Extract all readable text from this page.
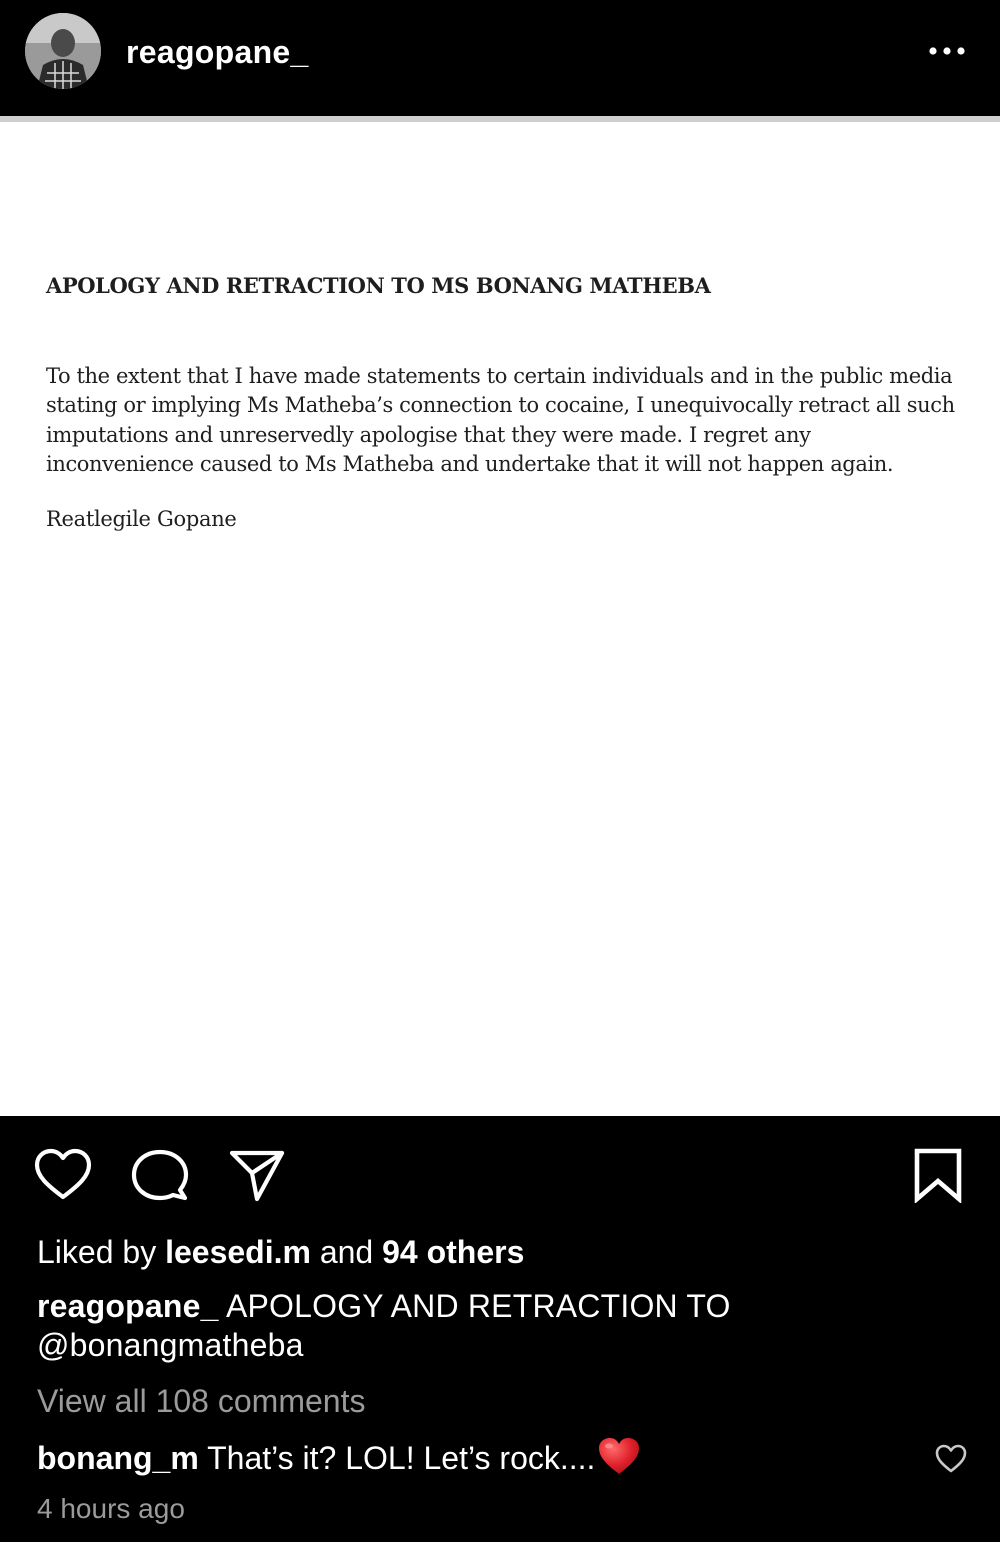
reagopane_
APOLOGY AND RETRACTION TO MS BONANG MATHEBA

To the extent that I have made statements to certain individuals and in the public media
stating or implying Ms Matheba’s connection to cocaine, I unequivocally retract all such
imputations and unreservedly apologise that they were made. I regret any
inconvenience caused to Ms Matheba and undertake that it will not happen again.

Reatlegile Gopane

Liked by leesedi.m and 94 others
reagopane_ APOLOGY AND RETRACTION TO @bonangmatheba
View all 108 comments
bonang_m That’s it? LOL! Let’s rock....
4 hours ago
